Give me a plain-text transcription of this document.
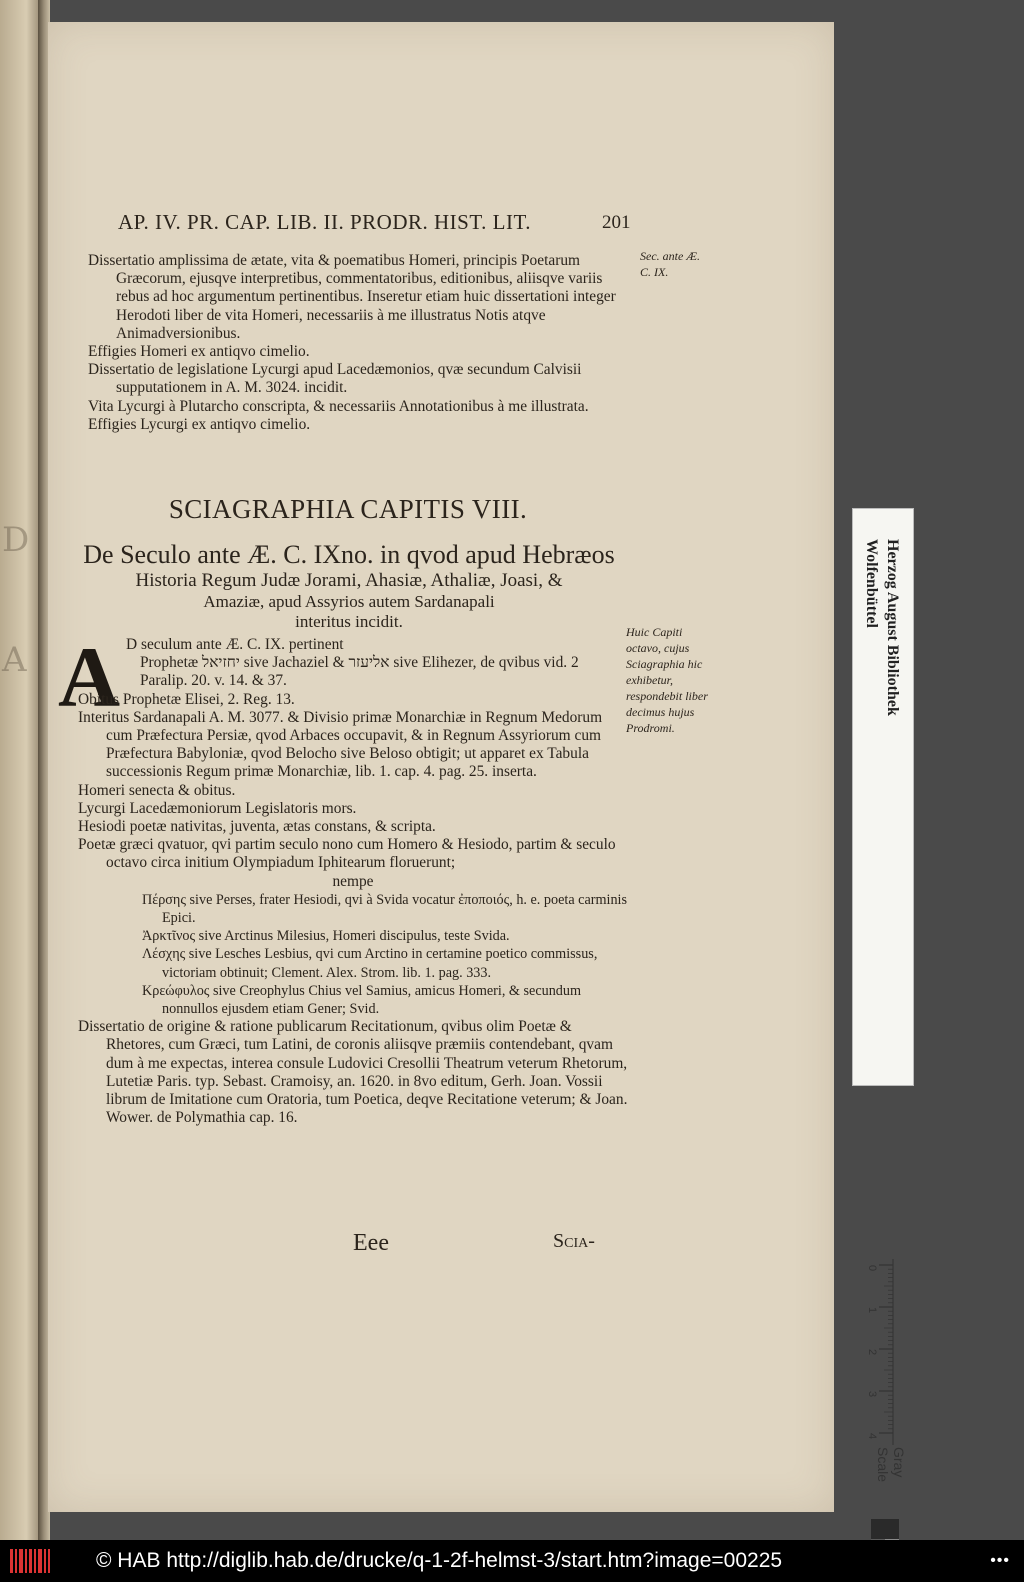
D
A
AP. IV. PR. CAP. LIB. II. PRODR. HIST. LIT.	201
Sec. ante Æ. C. IX.
Huic Capiti octavo, cujus Sciagraphia hic exhibetur, respondebit liber decimus hujus Prodromi.

Dissertatio amplissima de ætate, vita & poematibus Homeri, principis Poetarum Græcorum, ejusqve interpretibus, commentatoribus, editionibus, aliisqve variis rebus ad hoc argumentum pertinentibus. Inseretur etiam huic dissertationi integer Herodoti liber de vita Homeri, necessariis à me illustratus Notis atqve Animadversionibus.

Effigies Homeri ex antiqvo cimelio.

Dissertatio de legislatione Lycurgi apud Lacedæmonios, qvæ secundum Calvisii supputationem in A. M. 3024. incidit.

Vita Lycurgi à Plutarcho conscripta, & necessariis Annotationibus à me illustrata.

Effigies Lycurgi ex antiqvo cimelio.

SCIAGRAPHIA CAPITIS VIII.
De Seculo ante Æ. C. IXno. in qvod apud Hebræos
Historia Regum Judæ Jorami, Ahasiæ, Athaliæ, Joasi, &
Amaziæ, apud Assyrios autem Sardanapali
interitus incidit.
A D seculum ante Æ. C. IX. pertinent

Prophetæ יחזיאל sive Jachaziel & אליעזר sive Elihezer, de qvibus vid. 2 Paralip. 20. v. 14. & 37.

Obitus Prophetæ Elisei, 2. Reg. 13.

Interitus Sardanapali A. M. 3077. & Divisio primæ Monarchiæ in Regnum Medorum cum Præfectura Persiæ, qvod Arbaces occupavit, & in Regnum Assyriorum cum Præfectura Babyloniæ, qvod Belocho sive Beloso obtigit; ut apparet ex Tabula successionis Regum primæ Monarchiæ, lib. 1. cap. 4. pag. 25. inserta.

Homeri senecta & obitus.

Lycurgi Lacedæmoniorum Legislatoris mors.

Hesiodi poetæ nativitas, juventa, ætas constans, & scripta.

Poetæ græci qvatuor, qvi partim seculo nono cum Homero & Hesiodo, partim & seculo octavo circa initium Olympiadum Iphitearum floruerunt;

nempe

Πέρσης sive Perses, frater Hesiodi, qvi à Svida vocatur ἐποποιός, h. e. poeta carminis Epici.

Ἀρκτῖνος sive Arctinus Milesius, Homeri discipulus, teste Svida.

Λέσχης sive Lesches Lesbius, qvi cum Arctino in certamine poetico commissus, victoriam obtinuit; Clement. Alex. Strom. lib. 1. pag. 333.

Κρεώφυλος sive Creophylus Chius vel Samius, amicus Homeri, & secundum nonnullos ejusdem etiam Gener; Svid.

Dissertatio de origine & ratione publicarum Recitationum, qvibus olim Poetæ & Rhetores, cum Græci, tum Latini, de coronis aliisqve præmiis contendebant, qvam dum à me expectas, interea consule Ludovici Cresollii Theatrum veterum Rhetorum, Lutetiæ Paris. typ. Sebast. Cramoisy, an. 1620. in 8vo editum, Gerh. Joan. Vossii librum de Imitatione cum Oratoria, tum Poetica, deqve Recitatione veterum; & Joan. Wower. de Polymathia cap. 16.

Eee	Scia-
Herzog August Bibliothek
Wolfenbüttel
0
1
2
3
4
Gray Scale
© HAB http://diglib.hab.de/drucke/q-1-2f-helmst-3/start.htm?image=00225	•••
